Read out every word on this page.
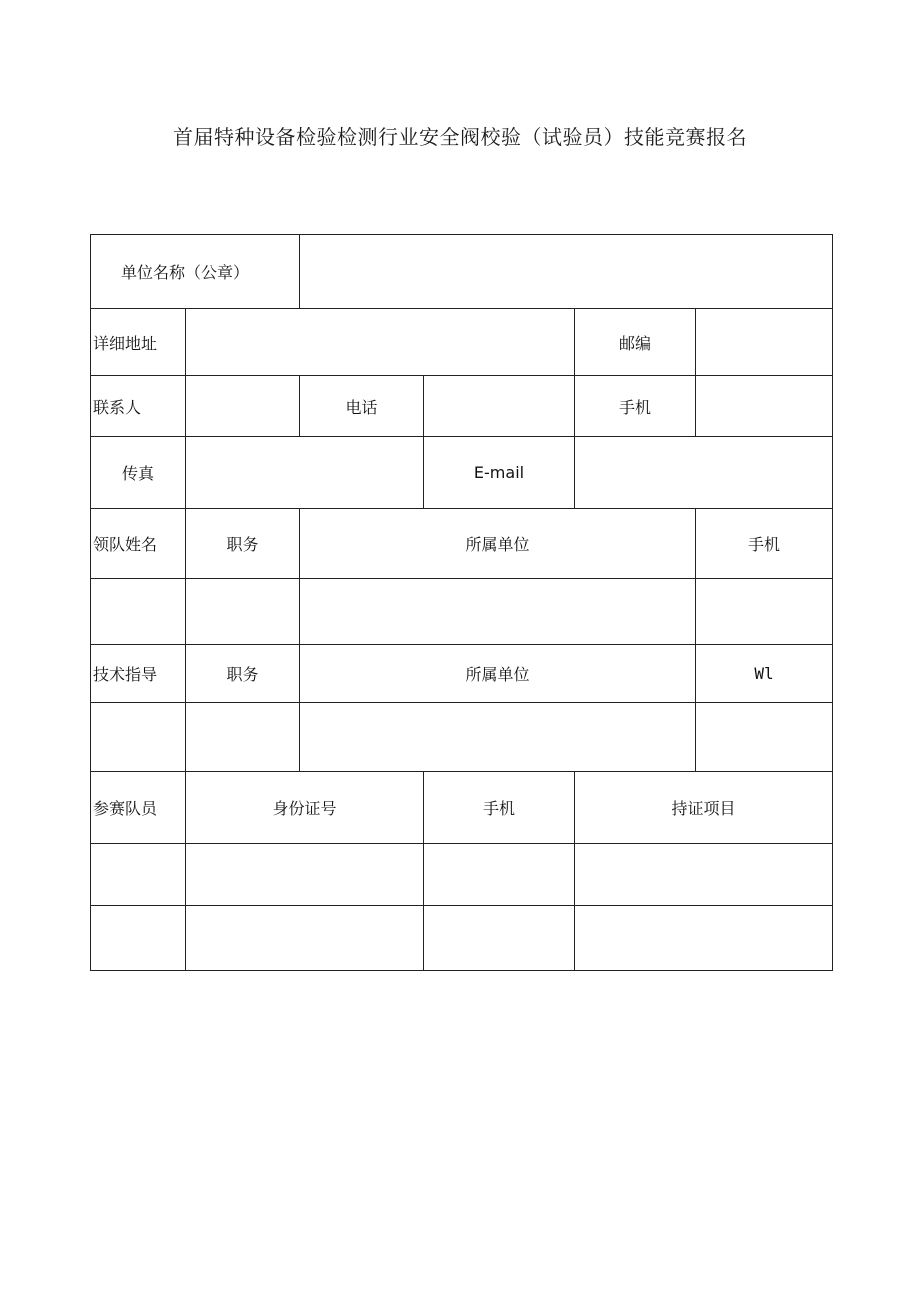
首届特种设备检验检测行业安全阀校验（试验员）技能竞赛报名
单位名称（公章）					
详细地址				邮编	
联系人		电话		手机	
传真			E-mail		
领队姓名	职务	所属单位			手机

技术指导	职务	所属单位			Wl

参赛队员	身份证号		手机	持证项目	
